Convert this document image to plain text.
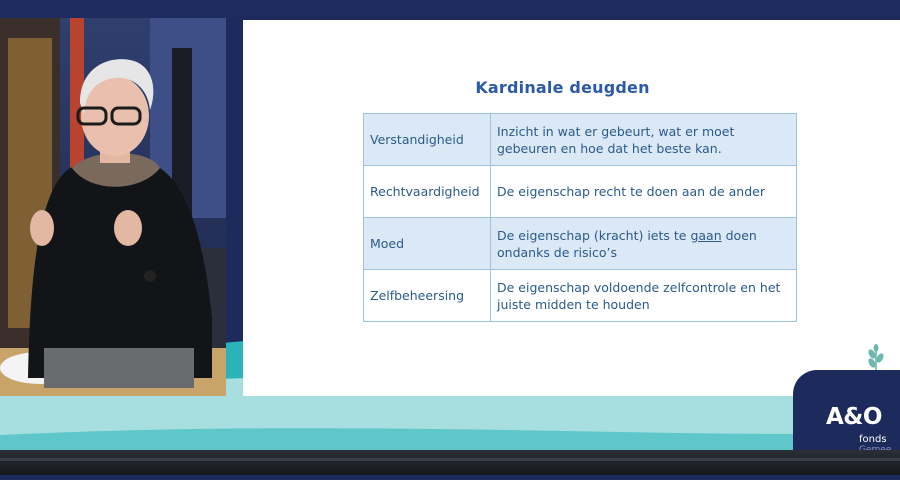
Kardinale deugden
Verstandigheid	Inzicht in wat er gebeurt, wat er moet
gebeuren en hoe dat het beste kan.
Rechtvaardigheid	De eigenschap recht te doen aan de ander
Moed	De eigenschap (kracht) iets te gaan doen
ondanks de risico’s
Zelfbeheersing	De eigenschap voldoende zelfcontrole en het
juiste midden te houden
A&O
fonds
